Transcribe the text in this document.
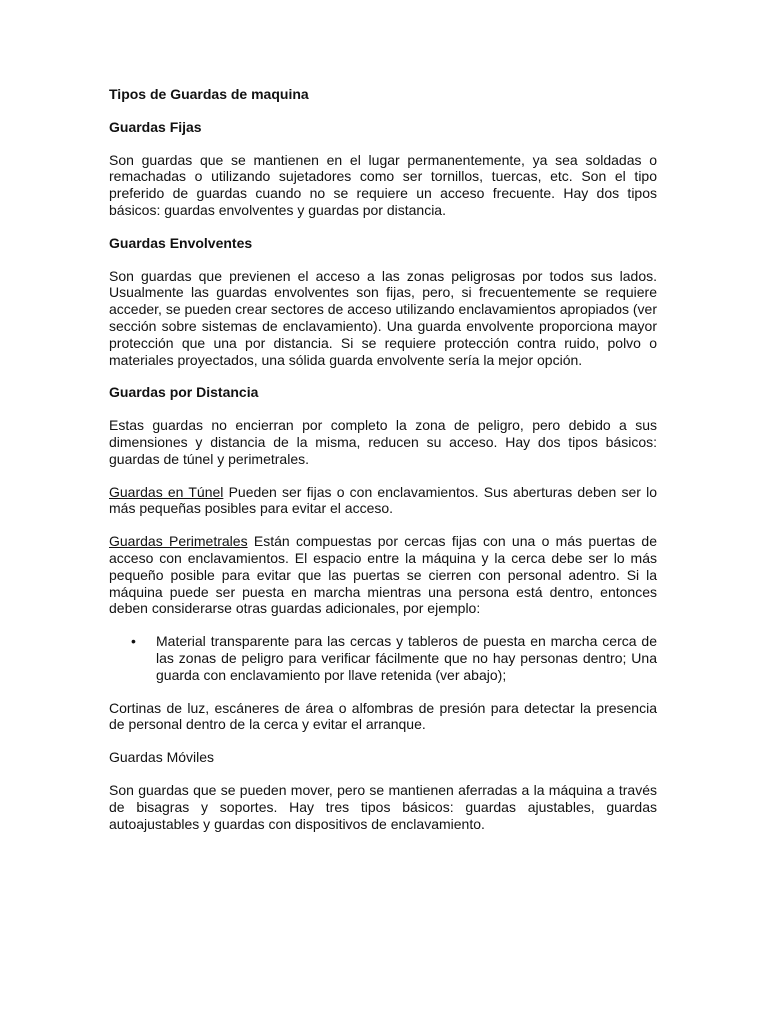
Tipos de Guardas de maquina
Guardas Fijas

Son guardas que se mantienen en el lugar permanentemente, ya sea soldadas o remachadas o utilizando sujetadores como ser tornillos, tuercas, etc. Son el tipo preferido de guardas cuando no se requiere un acceso frecuente. Hay dos tipos básicos: guardas envolventes y guardas por distancia.

Guardas Envolventes

Son guardas que previenen el acceso a las zonas peligrosas por todos sus lados. Usualmente las guardas envolventes son fijas, pero, si frecuentemente se requiere acceder, se pueden crear sectores de acceso utilizando enclavamientos apropiados (ver sección sobre sistemas de enclavamiento). Una guarda envolvente proporciona mayor protección que una por distancia. Si se requiere protección contra ruido, polvo o materiales proyectados, una sólida guarda envolvente sería la mejor opción.

Guardas por Distancia

Estas guardas no encierran por completo la zona de peligro, pero debido a sus dimensiones y distancia de la misma, reducen su acceso. Hay dos tipos básicos: guardas de túnel y perimetrales.

Guardas en Túnel Pueden ser fijas o con enclavamientos. Sus aberturas deben ser lo más pequeñas posibles para evitar el acceso.

Guardas Perimetrales Están compuestas por cercas fijas con una o más puertas de acceso con enclavamientos. El espacio entre la máquina y la cerca debe ser lo más pequeño posible para evitar que las puertas se cierren con personal adentro. Si la máquina puede ser puesta en marcha mientras una persona está dentro, entonces deben considerarse otras guardas adicionales, por ejemplo:

• Material transparente para las cercas y tableros de puesta en marcha cerca de las zonas de peligro para verificar fácilmente que no hay personas dentro; Una guarda con enclavamiento por llave retenida (ver abajo);

Cortinas de luz, escáneres de área o alfombras de presión para detectar la presencia de personal dentro de la cerca y evitar el arranque.

Guardas Móviles

Son guardas que se pueden mover, pero se mantienen aferradas a la máquina a través de bisagras y soportes. Hay tres tipos básicos: guardas ajustables, guardas autoajustables y guardas con dispositivos de enclavamiento.
